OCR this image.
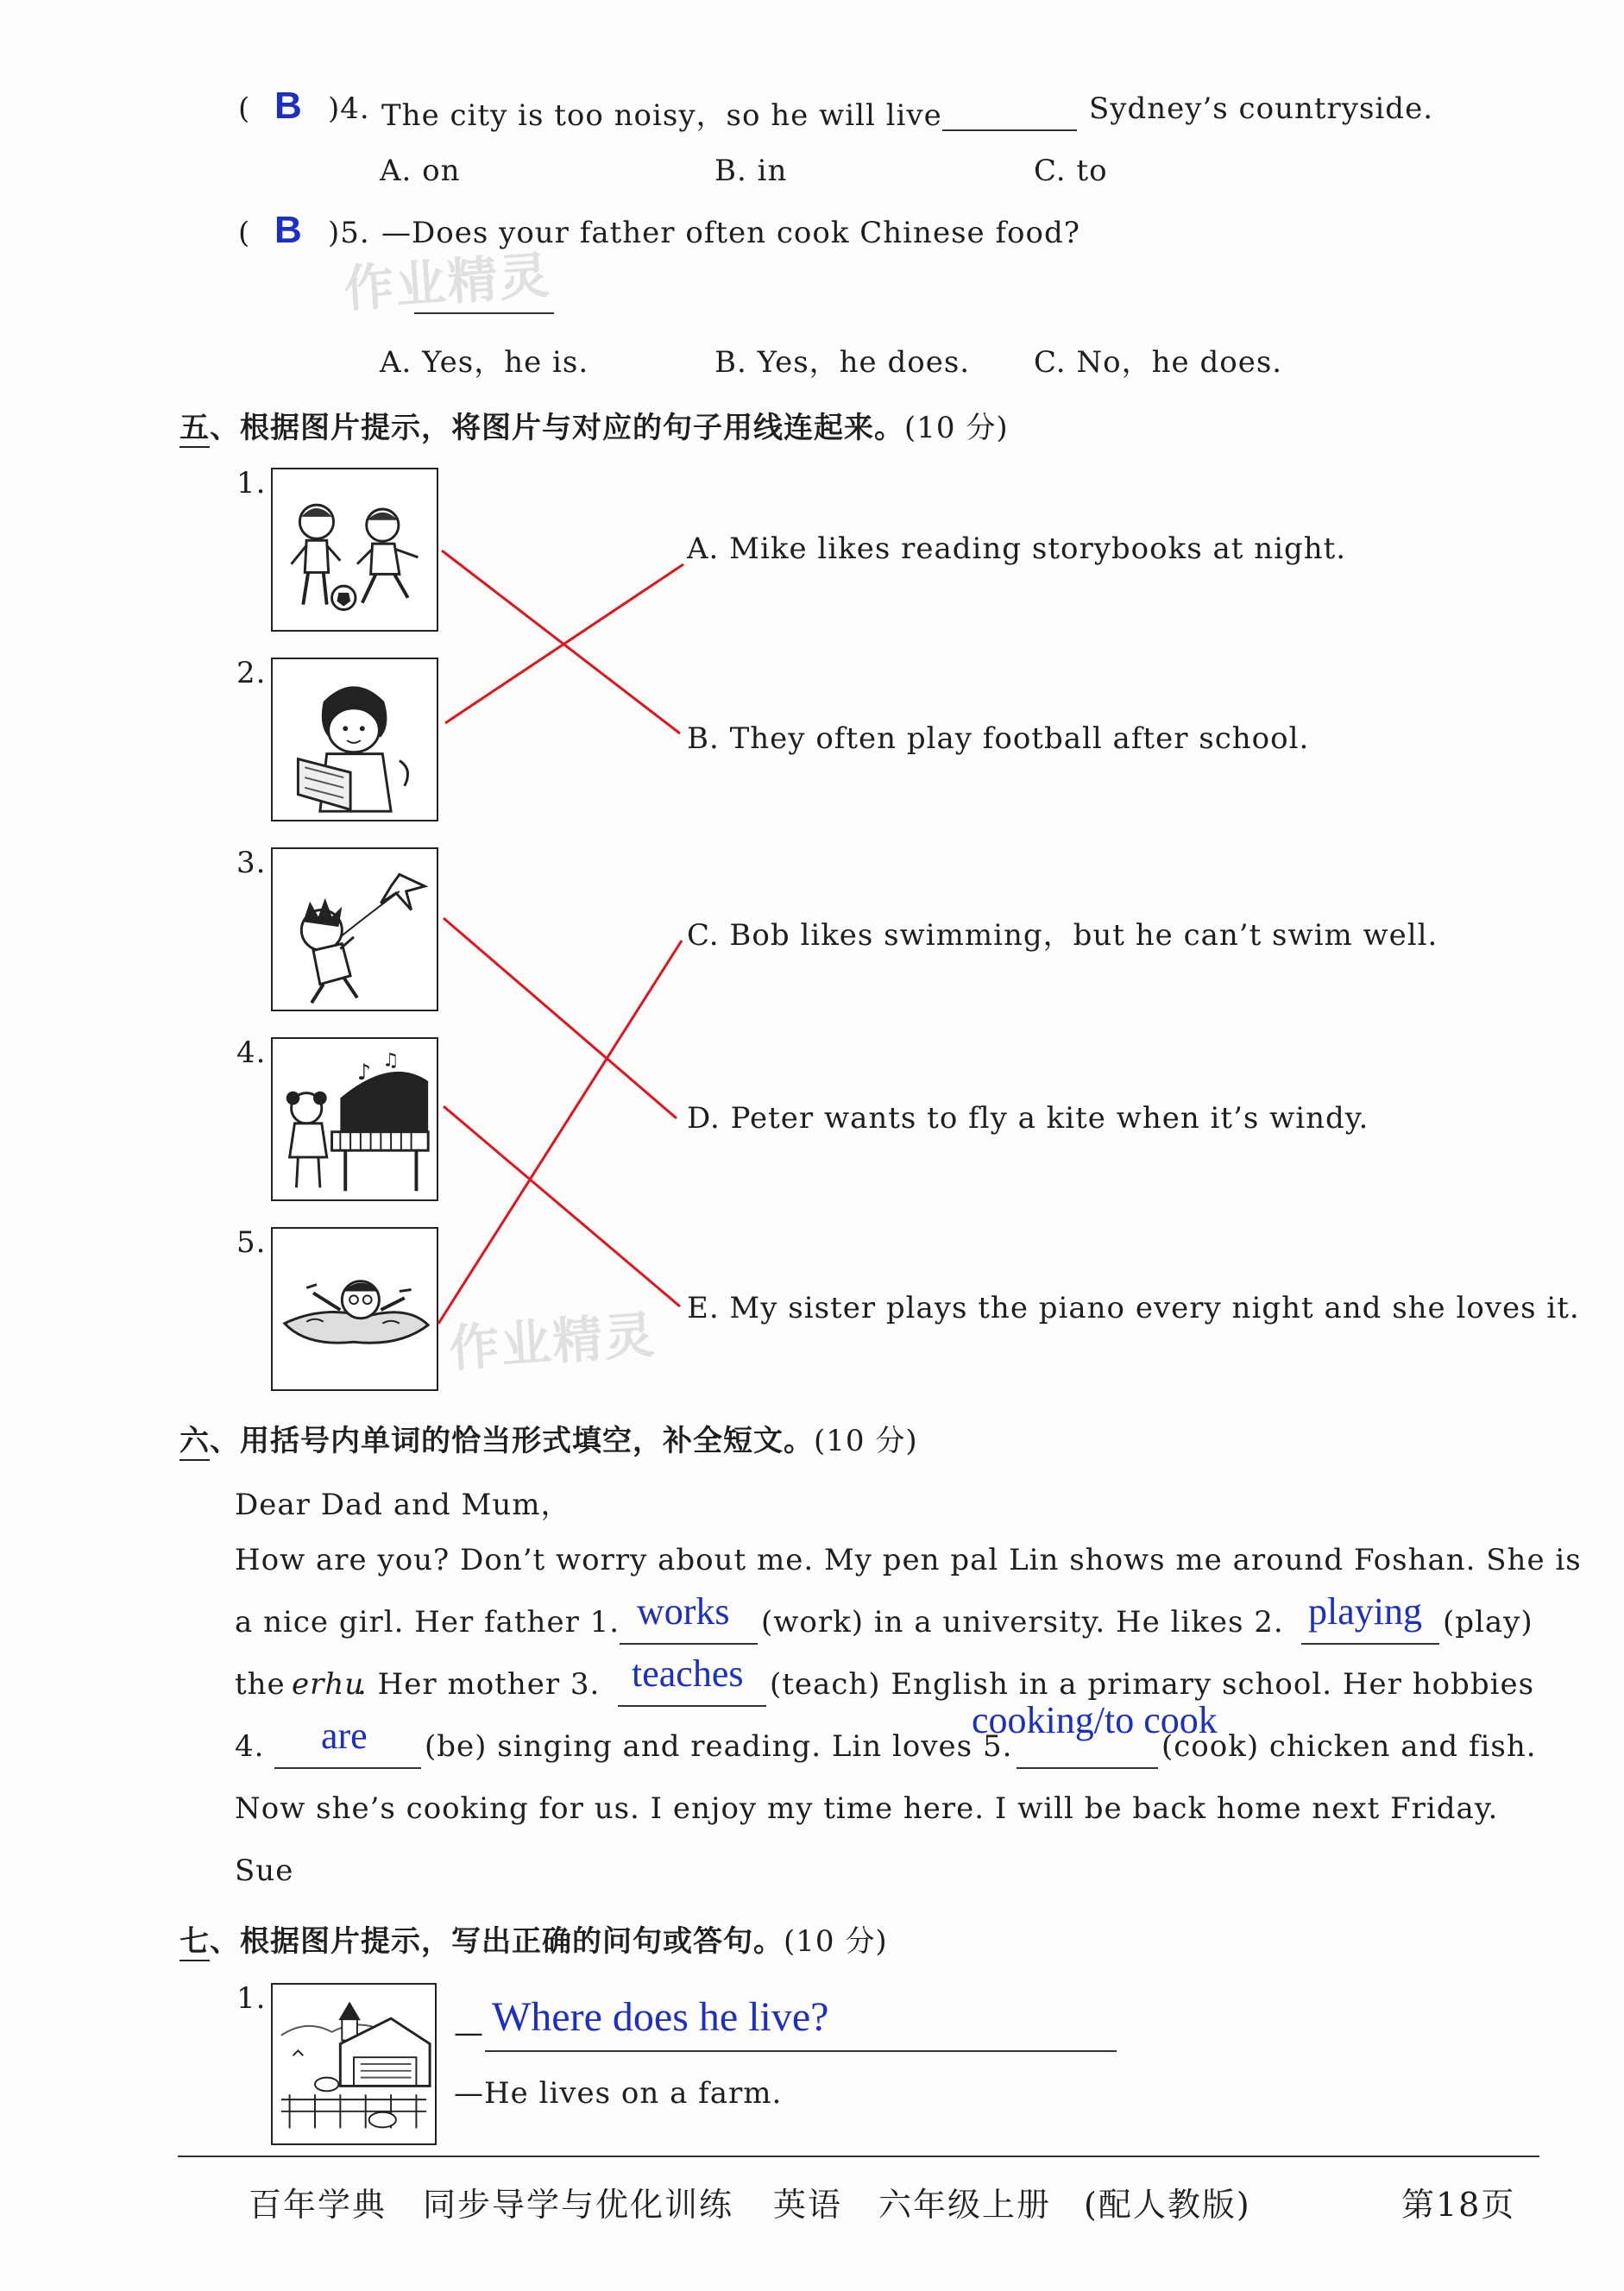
( B )4. The city is too noisy，so he will live	Sydney’s countryside.
A. on	B. in	C. to
( B )5. —Does your father often cook Chinese food?
A. Yes，he is.	B. Yes，he does. C. No，he does.
作业精灵
五、根据图片提示，将图片与对应的句子用线连起来。(10 分)
1.
2.
3.
4.
5.
♪ ♫
A. Mike likes reading storybooks at night.
B. They often play football after school.
C. Bob likes swimming，but he can’t swim well.
D. Peter wants to fly a kite when it’s windy.
E. My sister plays the piano every night and she loves it.
作业精灵
六、用括号内单词的恰当形式填空，补全短文。(10 分)
Dear Dad and Mum，
How are you? Don’t worry about me. My pen pal Lin shows me around Foshan. She is
a nice girl. Her father 1. works (work) in a university. He likes 2. playing (play)
the erhu
. Her mother 3. teaches (teach) English in a primary school. Her hobbies
4. are (be) singing and reading. Lin loves 5.
cooking/to cook
(cook) chicken and fish.
Now she’s cooking for us. I enjoy my time here. I will be back home next Friday.
Sue
七、根据图片提示，写出正确的问句或答句。(10 分)
1.
— Where does he live?
—He lives on a farm.
百年学典 同步导学与优化训练 英语 六年级上册 (配人教版)	第18页
